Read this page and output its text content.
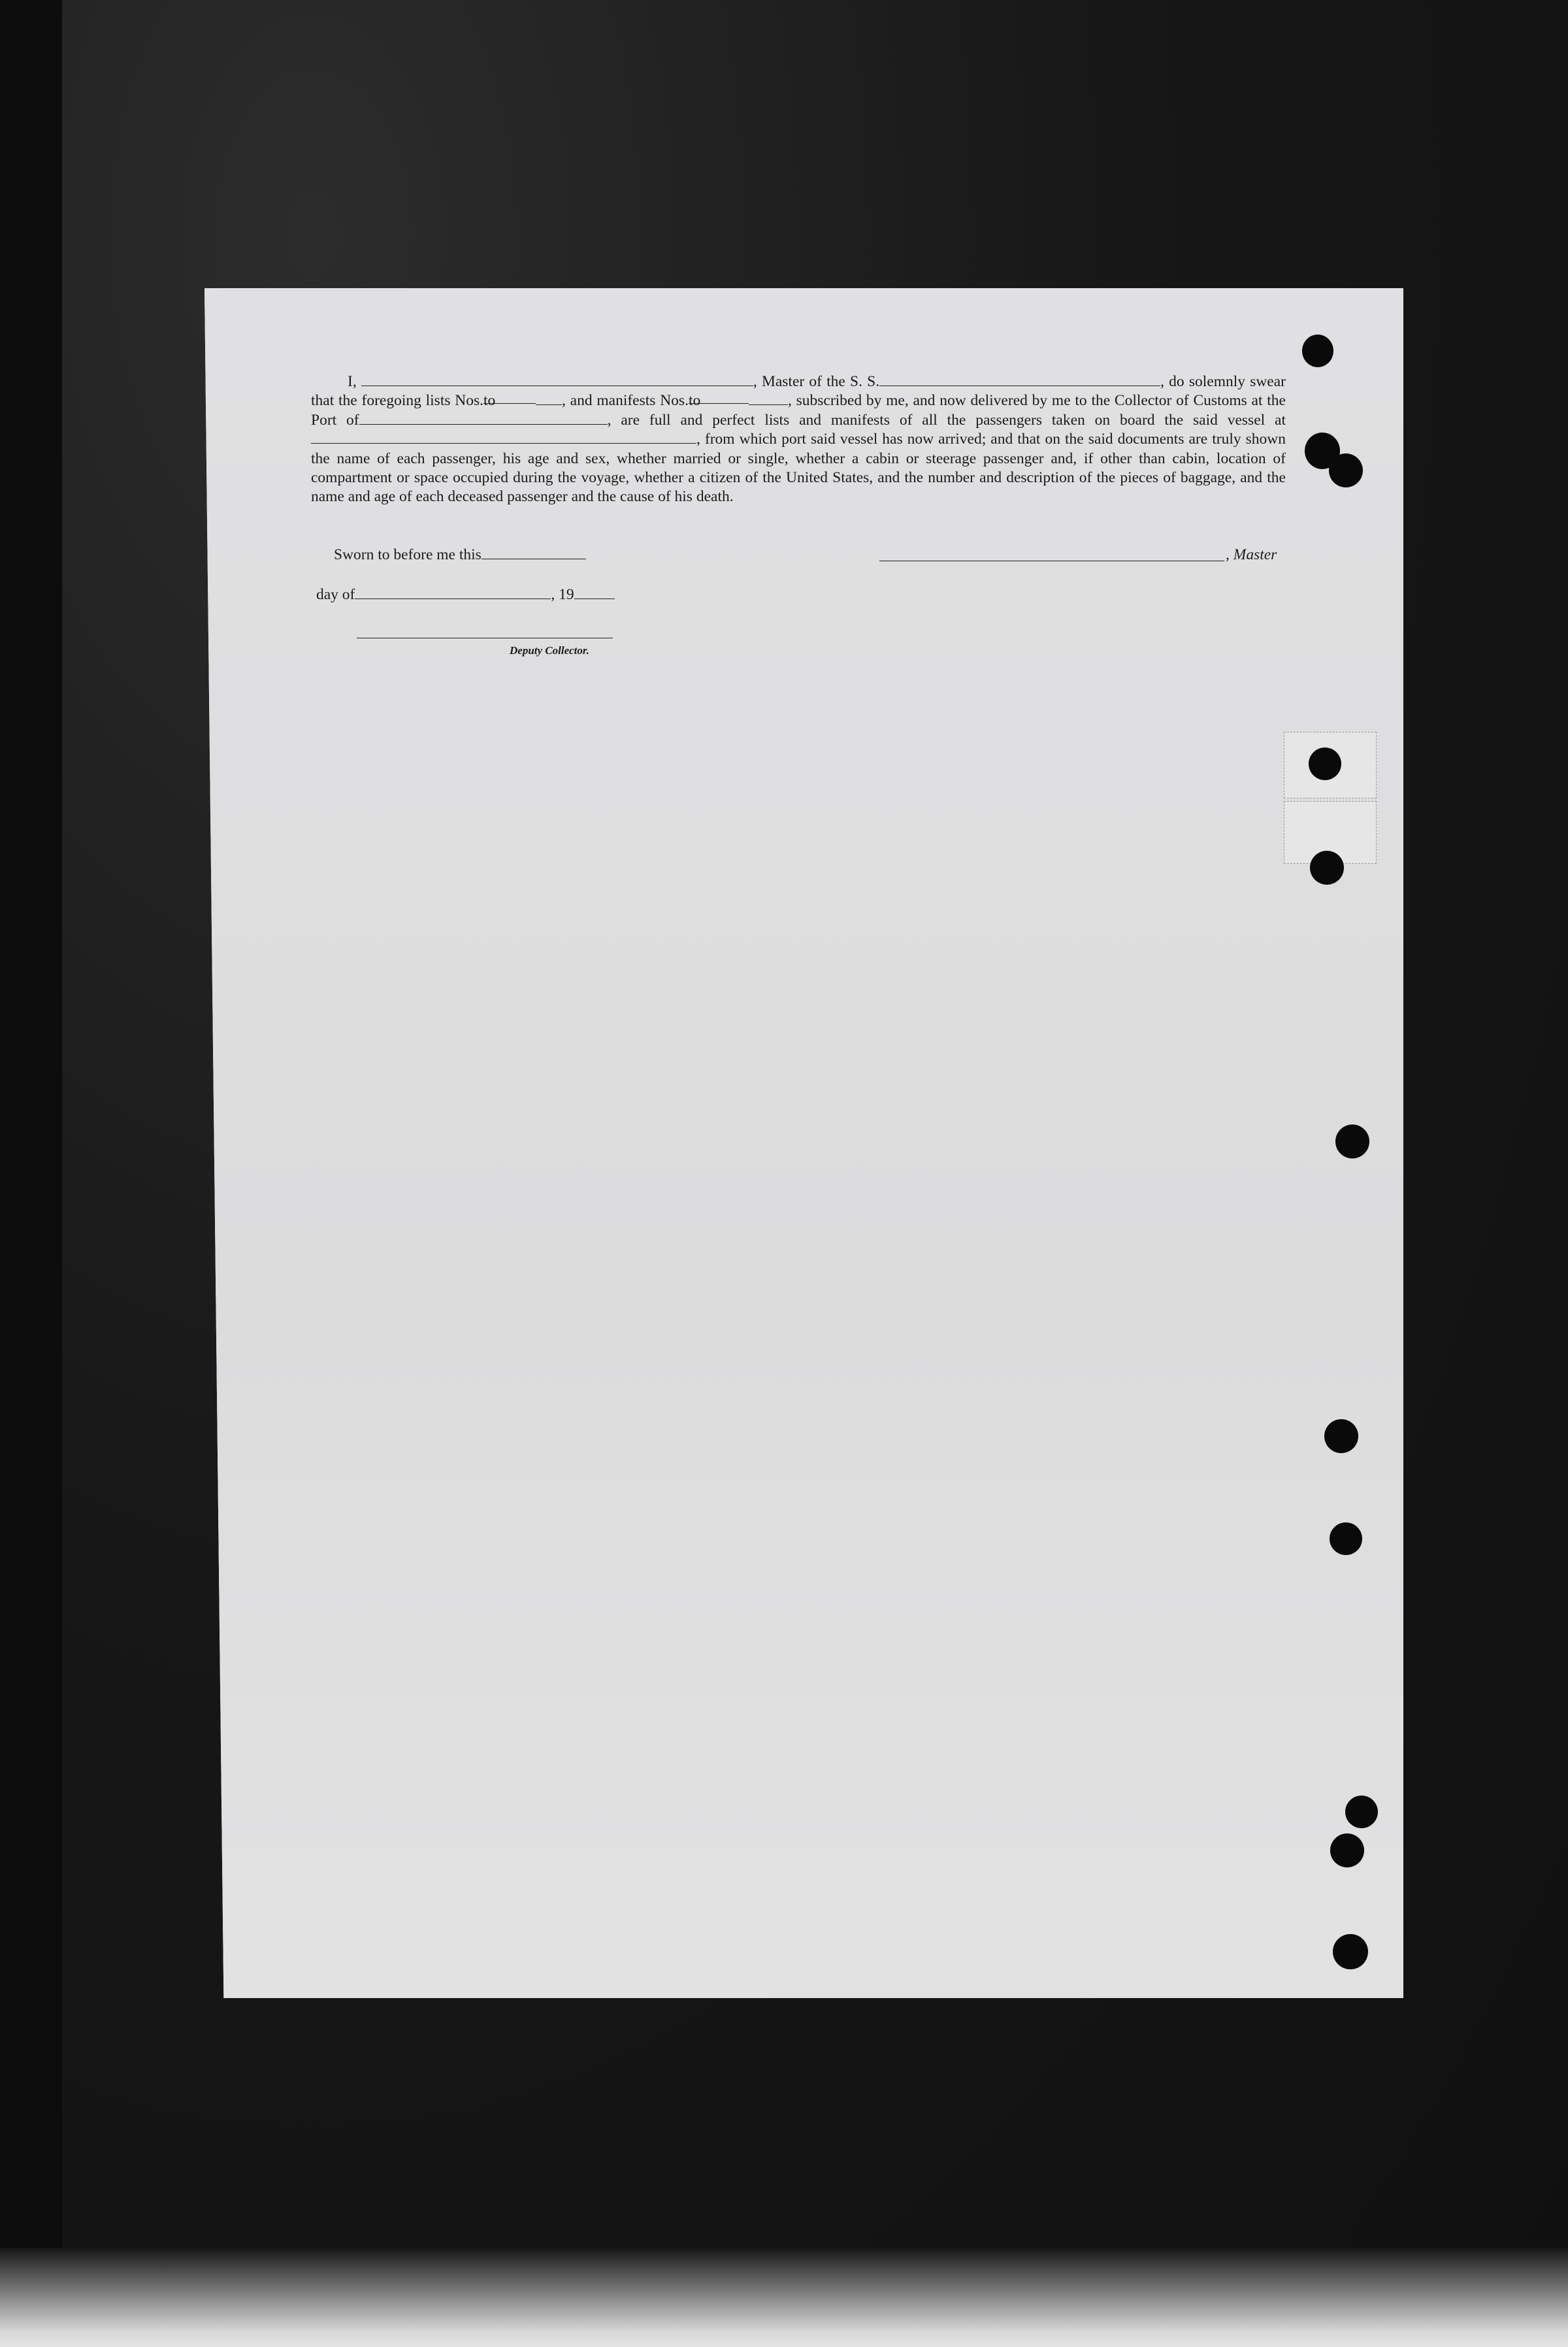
I,	, Master of the S. S.	, do solemnly swear that the foregoing lists Nos.to	, and manifests Nos.to	, subscribed by me, and now delivered by me to the Collector of Customs at the Port of	, are full and perfect lists and manifests of all the passengers taken on board the said vessel at, from which port said vessel has now arrived; and that on the said documents are truly shown the name of each passenger, his age and sex, whether married or single, whether a cabin or steerage passenger and, if other than cabin, location of compartment or space occupied during the voyage, whether a citizen of the United States, and the number and description of the pieces of baggage, and the name and age of each deceased passenger and the cause of his death.
Sworn to before me this	, Master
day of	, 19
Deputy Collector.
